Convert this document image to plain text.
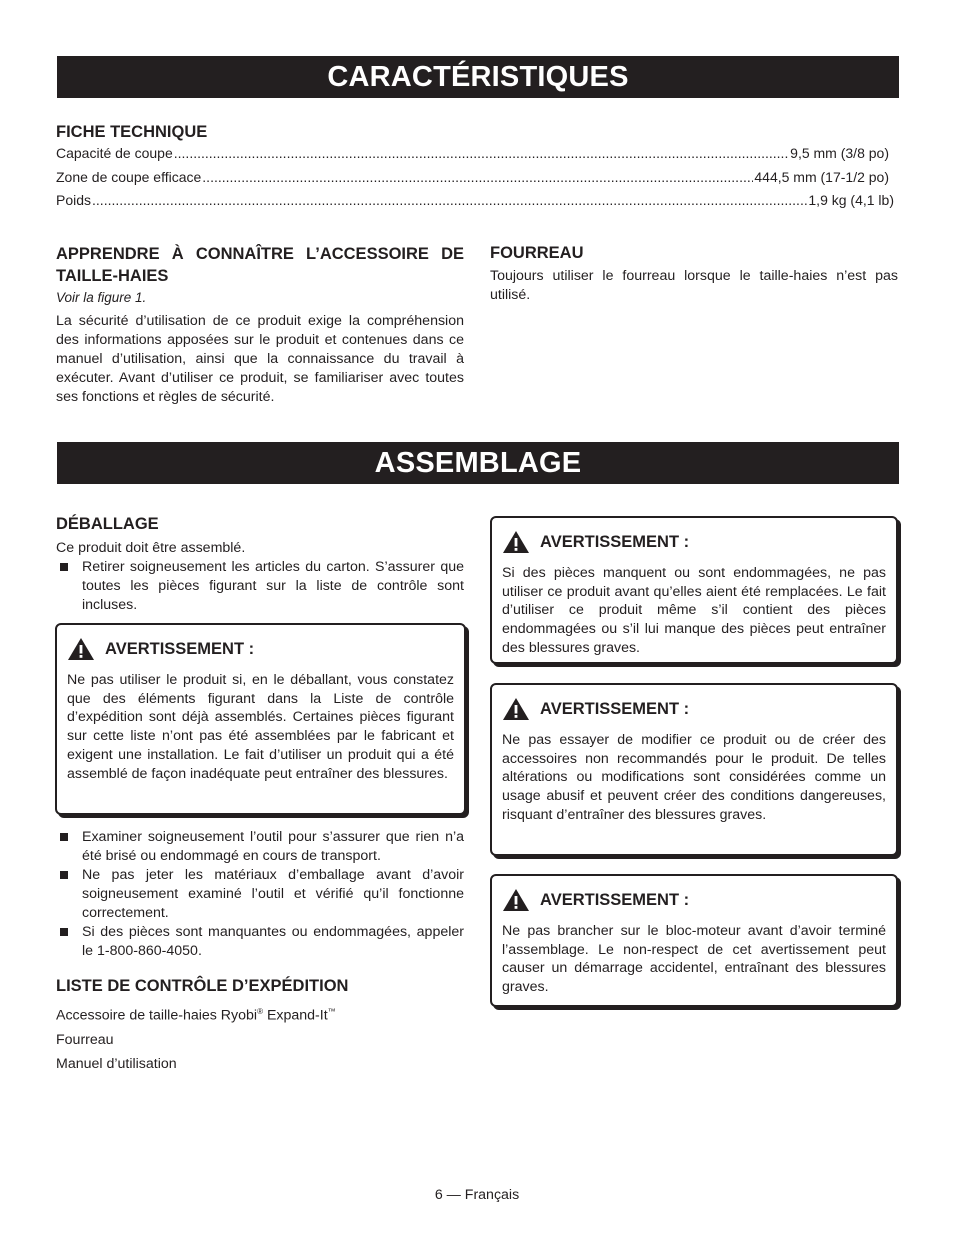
CARACTÉRISTIQUES
FICHE TECHNIQUE
Capacité de coupe .....	9,5 mm (3/8 po)
Zone de coupe efficace .....	444,5 mm (17-1/2 po)
Poids .....	1,9 kg (4,1 lb)
APPRENDRE À CONNAÎTRE L’ACCESSOIRE DE TAILLE-HAIES

Voir la figure 1.

La sécurité d’utilisation de ce produit exige la compréhension des informations apposées sur le produit et contenues dans ce manuel d’utilisation, ainsi que la connaissance du travail à exécuter. Avant d’utiliser ce produit, se familiariser avec toutes ses fonctions et règles de sécurité.

FOURREAU

Toujours utiliser le fourreau lorsque le taille-haies n’est pas utilisé.

ASSEMBLAGE
DÉBALLAGE

Ce produit doit être assemblé.

Retirer soigneusement les articles du carton. S’assurer que toutes les pièces figurant sur la liste de contrôle sont incluses.
AVERTISSEMENT :

Ne pas utiliser le produit si, en le déballant, vous constatez que des éléments figurant dans la Liste de contrôle d’expédition sont déjà assemblés. Certaines pièces figurant sur cette liste n’ont pas été assemblées par le fabricant et exigent une installation. Le fait d’utiliser un produit qui a été assemblé de façon inadéquate peut entraîner des blessures.

Examiner soigneusement l’outil pour s’assurer que rien n’a été brisé ou endommagé en cours de transport.
Ne pas jeter les matériaux d’emballage avant d’avoir soigneusement examiné l’outil et vérifié qu’il fonctionne correctement.
Si des pièces sont manquantes ou endommagées, appeler le 1-800-860-4050.
LISTE DE CONTRÔLE D’EXPÉDITION

Accessoire de taille-haies Ryobi® Expand-It™

Fourreau

Manuel d’utilisation

AVERTISSEMENT :

Si des pièces manquent ou sont endommagées, ne pas utiliser ce produit avant qu’elles aient été remplacées. Le fait d’utiliser ce produit même s’il contient des pièces endommagées ou s’il lui manque des pièces peut entraîner des blessures graves.

AVERTISSEMENT :

Ne pas essayer de modifier ce produit ou de créer des accessoires non recommandés pour le produit. De telles altérations ou modifications sont considérées comme un usage abusif et peuvent créer des conditions dangereuses, risquant d’entraîner des blessures graves.

AVERTISSEMENT :

Ne pas brancher sur le bloc-moteur avant d’avoir terminé l’assemblage. Le non-respect de cet avertissement peut causer un démarrage accidentel, entraînant des blessures graves.

6 — Français
